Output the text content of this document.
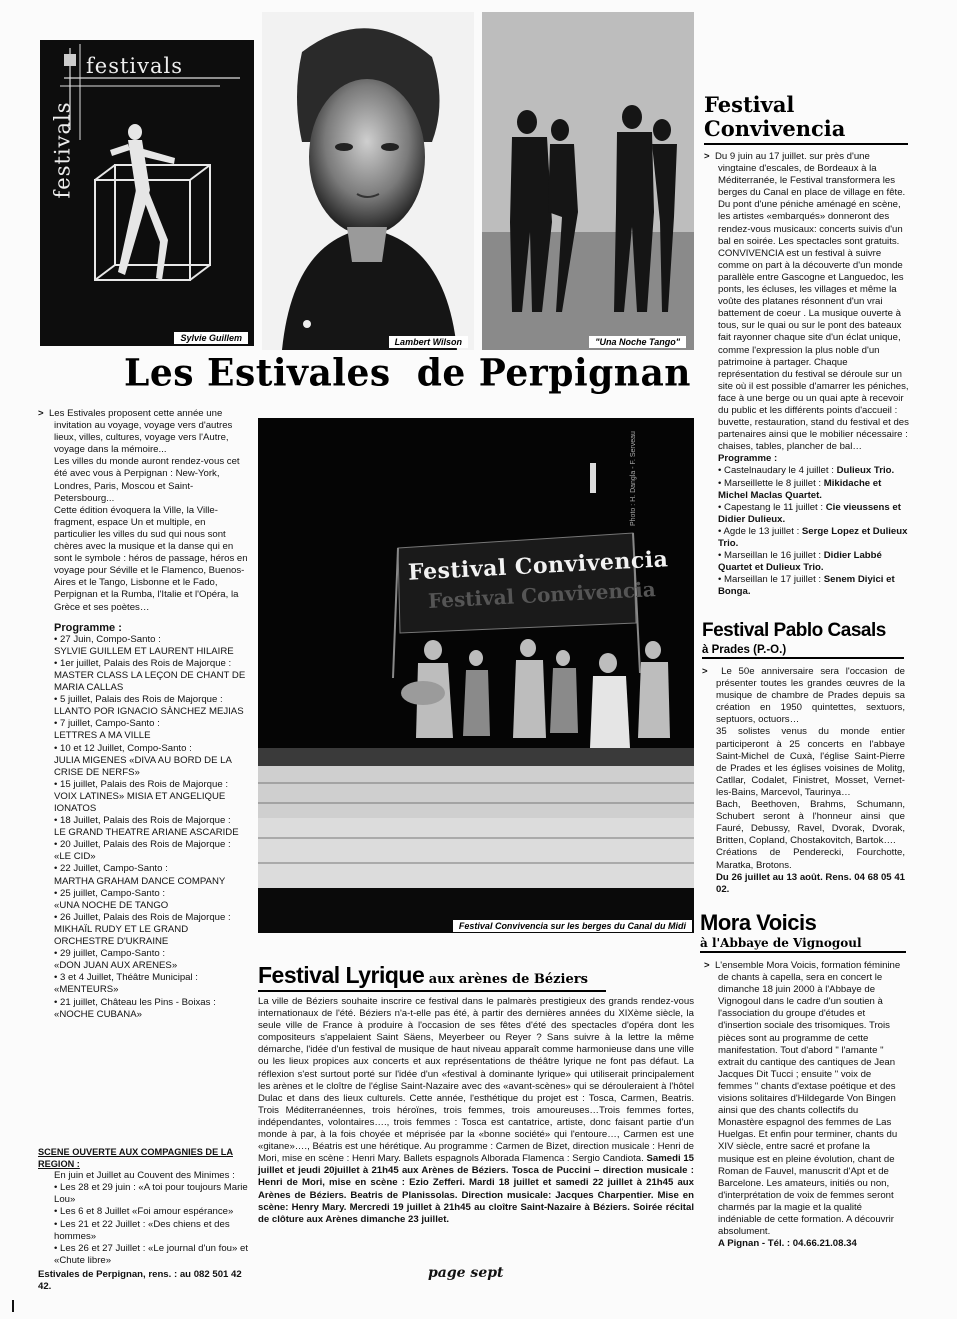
festivals
festivals
Sylvie Guillem	Lambert Wilson	"Una Noche Tango"
Les Estivales  de Perpignan

> Les Estivales proposent cette année une invitation au voyage, voyage vers d'autres lieux, villes, cultures, voyage vers l'Autre, voyage dans la mémoire...

Les villes du monde auront rendez-vous cet été avec vous à Perpignan : New-York, Londres, Paris, Moscou et Saint-Petersbourg...

Cette édition évoquera la Ville, la Ville-fragment, espace Un et multiple, en particulier les villes du sud qui nous sont chères avec la musique et la danse qui en sont le symbole : héros de passage, héros en voyage pour Séville et le Flamenco, Buenos-Aires et le Tango, Lisbonne et le Fado, Perpignan et la Rumba, l'Italie et l'Opéra, la Grèce et ses poètes…

Programme :
• 27 Juin, Compo-Santo :
SYLVIE GUILLEM ET LAURENT HILAIRE
• 1er juillet, Palais des Rois de Majorque :
MASTER CLASS LA LEÇON DE CHANT DE MARIA CALLAS
• 5 juillet, Palais des Rois de Majorque :
LLANTO POR IGNACIO SÀNCHEZ MEJIAS
• 7 juillet, Campo-Santo :
LETTRES A MA VILLE
• 10 et 12 Juillet, Compo-Santo :
JULIA MIGENES «DIVA AU BORD DE LA CRISE DE NERFS»
• 15 juillet, Palais des Rois de Majorque :
VOIX LATINES» MISIA ET ANGELIQUE IONATOS
• 18 Juillet, Palais des Rois de Majorque :
LE GRAND THEATRE ARIANE ASCARIDE
• 20 Juillet, Palais des Rois de Majorque :
«LE CID»
• 22 Juillet, Campo-Santo :
MARTHA GRAHAM DANCE COMPANY
• 25 juillet, Campo-Santo :
«UNA NOCHE DE TANGO
• 26 Juillet, Palais des Rois de Majorque :
MIKHAÏL RUDY ET LE GRAND ORCHESTRE D'UKRAINE
• 29 juillet, Campo-Santo :
«DON JUAN AUX ARENES»
• 3 et 4 Juillet, Théâtre Municipal :
«MENTEURS»
• 21 juillet, Château les Pins - Boixas :
«NOCHE CUBANA»
SCENE OUVERTE AUX COMPAGNIES DE LA REGION :
En juin et Juillet au Couvent des Minimes :
• Les 28 et 29 juin : «A toi pour toujours Marie Lou»
• Les 6 et 8 Juillet «Foi amour espérance»
• Les 21 et 22 Juillet : «Des chiens et des hommes»
• Les 26 et 27 Juillet : «Le journal d'un fou» et «Chute libre»
Estivales de Perpignan, rens. : au 082 501 42 42.
Festival Convivencia
Festival Convivencia
Photo : H. Dangla - F. Serveau
Festival Convivencia sur les berges du Canal du Midi
Festival Lyrique aux arènes de Béziers
La ville de Béziers souhaite inscrire ce festival dans le palmarès prestigieux des grands rendez-vous internationaux de l'été. Béziers n'a-t-elle pas été, à partir des dernières années du XIXème siècle, la seule ville de France à produire à l'occasion de ses fêtes d'été des spectacles d'opéra dont les compositeurs s'appelaient Saint Säens, Meyerbeer ou Reyer ? Sans suivre à la lettre la même démarche, l'idée d'un festival de musique de haut niveau apparaît comme harmonieuse dans une ville ou les lieux propices aux concerts et aux représentations de théâtre lyrique ne font pas défaut. La réflexion s'est surtout porté sur l'idée d'un «festival à dominante lyrique» qui utiliserait principalement les arènes et le cloître de l'église Saint-Nazaire avec des «avant-scènes» qui se dérouleraient à l'hôtel Dulac et dans des lieux culturels. Cette année, l'esthétique du projet est : Tosca, Carmen, Beatris. Trois Méditerranéennes, trois héroïnes, trois femmes, trois amoureuses…Trois femmes fortes, indépendantes, volontaires…., trois femmes : Tosca est cantatrice, artiste, donc faisant partie d'un monde à par, à la fois choyée et méprisée par la «bonne société» qui l'entoure…, Carmen est une «gitane»…., Béatris est une hérétique. Au programme : Carmen de Bizet, direction musicale : Henri de Mori, mise en scène : Henri Mary. Ballets espagnols Alborada Flamenca : Sergio Candiota. Samedi 15 juillet et jeudi 20juillet à 21h45 aux Arènes de Béziers. Tosca de Puccini – direction musicale : Henri de Mori, mise en scène : Ezio Zefferi. Mardi 18 juillet et samedi 22 juillet à 21h45 aux Arènes de Béziers. Beatris de Planissolas. Direction musicale: Jacques Charpentier. Mise en scène: Henry Mary. Mercredi 19 juillet à 21h45 au cloître Saint-Nazaire à Béziers. Soirée récital de clôture aux Arènes dimanche 23 juillet.
page sept
Festival
Convivencia

> Du 9 juin au 17 juillet. sur près d'une vingtaine d'escales, de Bordeaux à la Méditerranée, le Festival transformera les berges du Canal en place de village en fête.

Du pont d'une péniche aménagé en scène, les artistes «embarqués» donneront des rendez-vous musicaux: concerts suivis d'un bal en soirée. Les spectacles sont gratuits.

CONVIVENCIA est un festival à suivre comme on part à la découverte d'un monde parallèle entre Gascogne et Languedoc, les ponts, les écluses, les villages et même la voûte des platanes résonnent d'un vrai battement de coeur . La musique ouverte à tous, sur le quai ou sur le pont des bateaux fait rayonner chaque site d'un éclat unique, comme l'expression la plus noble d'un patrimoine à partager. Chaque représentation du festival se déroule sur un site où il est possible d'amarrer les péniches, face à une berge ou un quai apte à recevoir du public et les différents points d'accueil : buvette, restauration, stand du festival et des partenaires ainsi que le mobilier nécessaire : chaises, tables, plancher de bal… Programme :

• Castelnaudary le 4 juillet : Dulieux Trio.
• Marseillette le 8 juillet : Mikidache et Michel Maclas Quartet.
• Capestang le 11 juillet : Cie vieussens et Didier Dulieux.
• Agde le 13 juillet : Serge Lopez et Dulieux Trio.
• Marseillan le 16 juillet : Didier Labbé Quartet et Dulieux Trio.
• Marseillan le 17 juillet : Senem Diyici et Bonga.
Festival Pablo Casals
à Prades (P.-O.)

> Le 50e anniversaire sera l'occasion de présenter toutes les grandes œuvres de la musique de chambre de Prades depuis sa création en 1950 quintettes, sextuors, septuors, octuors…

35 solistes venus du monde entier participeront à 25 concerts en l'abbaye Saint-Michel de Cuxà, l'église Saint-Pierre de Prades et les églises voisines de Molitg, Catllar, Codalet, Finistret, Mosset, Vernet- les-Bains, Marcevol, Taurinya…

Bach, Beethoven, Brahms, Schumann, Schubert seront à l'honneur ainsi que Fauré, Debussy, Ravel, Dvorak, Dvorak, Britten, Copland, Chostakovitch, Bartok….

Créations de Penderecki, Fourchotte, Maratka, Brotons.

Du 26 juillet au 13 août. Rens. 04 68 05 41 02.

Mora Voicis
à l'Abbaye de Vignogoul

> L'ensemble Mora Voicis, formation féminine de chants à capella, sera en concert le dimanche 18 juin 2000 à l'Abbaye de Vignogoul dans le cadre d'un soutien à l'association du groupe d'études et d'insertion sociale des trisomiques. Trois pièces sont au programme de cette manifestation. Tout d'abord " l'amante " extrait du cantique des cantiques de Jean Jacques Dit Tucci ; ensuite " voix de femmes " chants d'extase poétique et des visions solitaires d'Hildegarde Von Bingen ainsi que des chants collectifs du Monastère espagnol des femmes de Las Huelgas. Et enfin pour terminer, chants du XIV siècle, entre sacré et profane la musique est en pleine évolution, chant de Roman de Fauvel, manuscrit d'Apt et de Barcelone. Les amateurs, initiés ou non, d'interprétation de voix de femmes seront charmés par la magie et la qualité indéniable de cette formation. A découvrir absolument.

A Pignan - Tél. : 04.66.21.08.34
